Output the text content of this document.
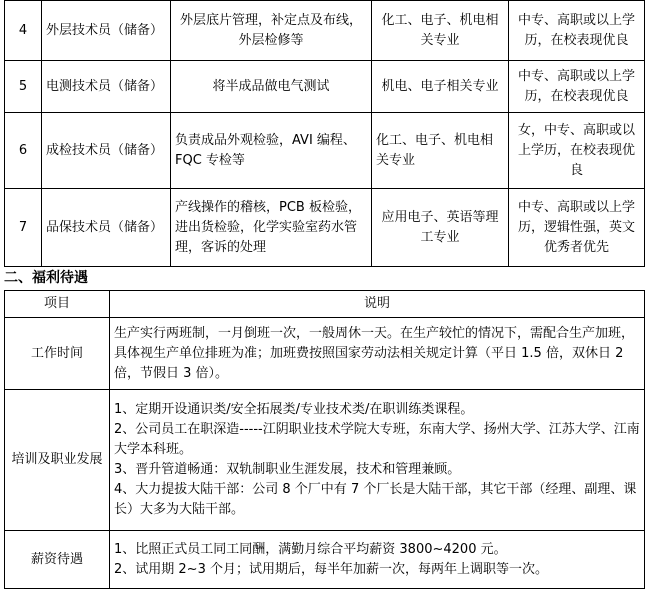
4	外层技术员（储备）	外层底片管理，补定点及布线，外层检修等	化工、电子、机电相关专业	中专、高职或以上学历，在校表现优良
5	电测技术员（储备）	将半成品做电气测试	机电、电子相关专业	中专、高职或以上学历，在校表现优良
6	成检技术员（储备）	负责成品外观检验，AVI 编程、FQC 专检等	化工、电子、机电相关专业	女，中专、高职或以上学历，在校表现优良
7	品保技术员（储备）	产线操作的稽核，PCB 板检验，进出货检验，化学实验室药水管理，客诉的处理	应用电子、英语等理工专业	中专、高职或以上学历，逻辑性强，英文优秀者优先
二、福利待遇
项目	说明
工作时间	生产实行两班制，一月倒班一次，一般周休一天。在生产较忙的情况下，需配合生产加班，具体视生产单位排班为准；加班费按照国家劳动法相关规定计算（平日 1.5 倍，双休日 2 倍，节假日 3 倍）。

培训及职业发展	1、定期开设通识类/安全拓展类/专业技术类/在职训练类课程。
2、公司员工在职深造-----江阴职业技术学院大专班，东南大学、扬州大学、江苏大学、江南大学本科班。
3、晋升管道畅通：双轨制职业生涯发展，技术和管理兼顾。
4、大力提拔大陆干部：公司 8 个厂中有 7 个厂长是大陆干部，其它干部（经理、副理、课长）大多为大陆干部。

薪资待遇	1、比照正式员工同工同酬，满勤月综合平均薪资 3800~4200 元。
2、试用期 2~3 个月；试用期后，每半年加薪一次，每两年上调职等一次。
